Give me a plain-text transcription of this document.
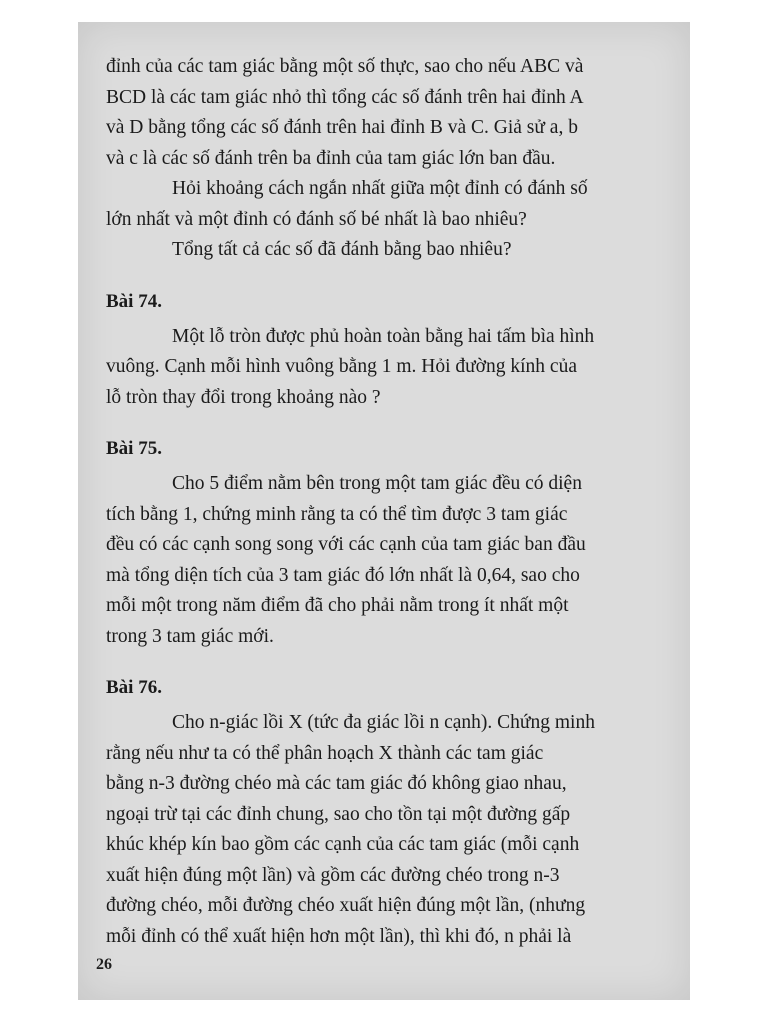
đỉnh của các tam giác bằng một số thực, sao cho nếu ABC và
BCD là các tam giác nhỏ thì tổng các số đánh trên hai đỉnh A
và D bằng tổng các số đánh trên hai đỉnh B và C. Giả sử a, b
và c là các số đánh trên ba đỉnh của tam giác lớn ban đầu.
Hỏi khoảng cách ngắn nhất giữa một đỉnh có đánh số
lớn nhất và một đỉnh có đánh số bé nhất là bao nhiêu?
Tổng tất cả các số đã đánh bằng bao nhiêu?
Bài 74.
Một lỗ tròn được phủ hoàn toàn bằng hai tấm bìa hình
vuông. Cạnh mỗi hình vuông bằng 1 m. Hỏi đường kính của
lỗ tròn thay đổi trong khoảng nào ?
Bài 75.
Cho 5 điểm nằm bên trong một tam giác đều có diện
tích bằng 1, chứng minh rằng ta có thể tìm được 3 tam giác
đều có các cạnh song song với các cạnh của tam giác ban đầu
mà tổng diện tích của 3 tam giác đó lớn nhất là 0,64, sao cho
mỗi một trong năm điểm đã cho phải nằm trong ít nhất một
trong 3 tam giác mới.
Bài 76.
Cho n-giác lồi X (tức đa giác lồi n cạnh). Chứng minh
rằng nếu như ta có thể phân hoạch X thành các tam giác
bằng n-3 đường chéo mà các tam giác đó không giao nhau,
ngoại trừ tại các đỉnh chung, sao cho tồn tại một đường gấp
khúc khép kín bao gồm các cạnh của các tam giác (mỗi cạnh
xuất hiện đúng một lần) và gồm các đường chéo trong n-3
đường chéo, mỗi đường chéo xuất hiện đúng một lần, (nhưng
mỗi đỉnh có thể xuất hiện hơn một lần), thì khi đó, n phải là
26
